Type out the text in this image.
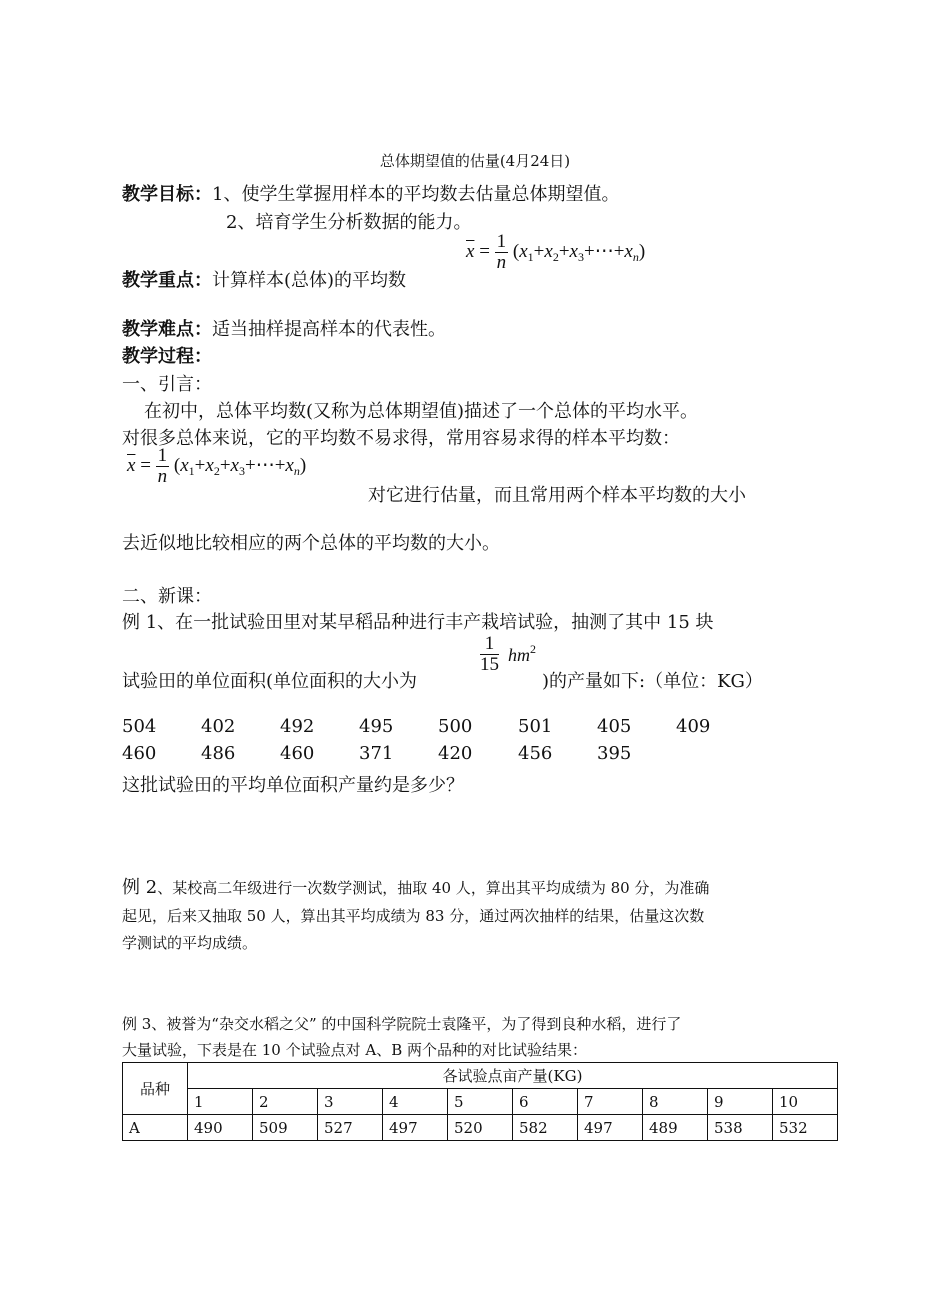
总体期望值的估量(4月24日)
教学目标：1、使学生掌握用样本的平均数去估量总体期望值。
2、培育学生分析数据的能力。
教学重点：计算样本(总体)的平均数
$\overline{x} = \frac{1}{n}$ $(x_1+x_2+x_3+\cdots+x_n)$
教学难点：适当抽样提高样本的代表性。
教学过程：
一、引言：
在初中，总体平均数(又称为总体期望值)描述了一个总体的平均水平。
对很多总体来说，它的平均数不易求得，常用容易求得的样本平均数：
$\overline{x} = \frac{1}{n}$ $(x_1+x_2+x_3+\cdots+x_n)$
对它进行估量，而且常用两个样本平均数的大小
去近似地比较相应的两个总体的平均数的大小。
二、新课：
例 1、在一批试验田里对某早稻品种进行丰产栽培试验，抽测了其中 15 块
试验田的单位面积(单位面积的大小为
$\frac{1}{15} hm^2$
)的产量如下:（单位：KG）
504 402 492 495 500	501 405 409
460 486 460 371 420	456 395
这批试验田的平均单位面积产量约是多少？
例 2、某校高二年级进行一次数学测试，抽取 40 人，算出其平均成绩为 80 分，为准确
起见，后来又抽取 50 人，算出其平均成绩为 83 分，通过两次抽样的结果，估量这次数
学测试的平均成绩。
例 3、被誉为“杂交水稻之父” 的中国科学院院士袁隆平，为了得到良种水稻，进行了
大量试验，下表是在 10 个试验点对 A、B 两个品种的对比试验结果：
品种	各试验点亩产量(KG)									
	1	2	3	4	5	6	7	8	9	10
A	490	509	527	497	520	582	497	489	538	532
